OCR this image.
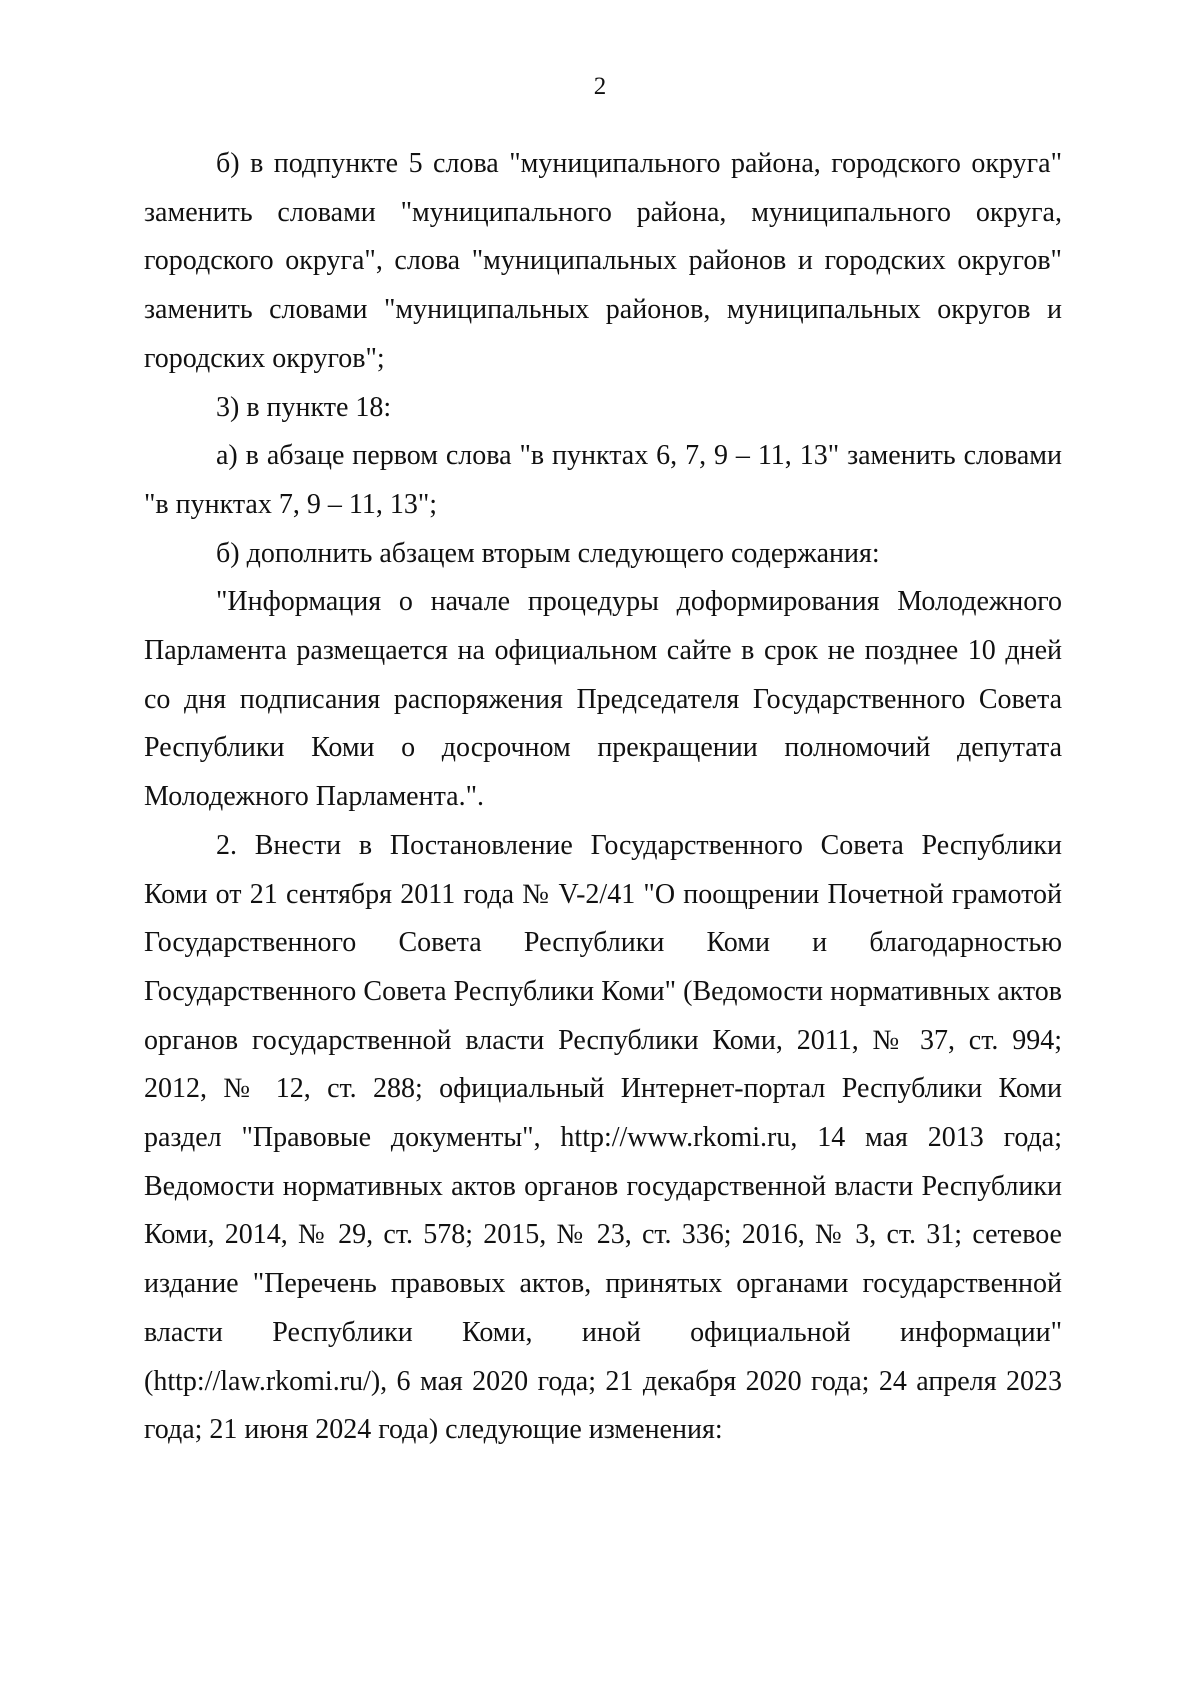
2

б) в подпункте 5 слова "муниципального района, городского округа" заменить словами "муниципального района, муниципального округа, городского округа", слова "муниципальных районов и городских округов" заменить словами "муниципальных районов, муниципальных округов и городских округов";

3) в пункте 18:

а) в абзаце первом слова "в пунктах 6, 7, 9 – 11, 13" заменить словами "в пунктах 7, 9 – 11, 13";

б) дополнить абзацем вторым следующего содержания:

"Информация о начале процедуры доформирования Молодежного Парламента размещается на официальном сайте в срок не позднее 10 дней со дня подписания распоряжения Председателя Государственного Совета Республики Коми о досрочном прекращении полномочий депутата Молодежного Парламента.".

2. Внести в Постановление Государственного Совета Республики Коми от 21 сентября 2011 года № V-2/41 "О поощрении Почетной грамотой Государственного Совета Республики Коми и благодарностью Государственного Совета Республики Коми" (Ведомости нормативных актов органов государственной власти Республики Коми, 2011, № 37, ст. 994; 2012, № 12, ст. 288; официальный Интернет-портал Республики Коми раздел "Правовые документы", http://www.rkomi.ru, 14 мая 2013 года; Ведомости нормативных актов органов государственной власти Республики Коми, 2014, № 29, ст. 578; 2015, № 23, ст. 336; 2016, № 3, ст. 31; сетевое издание "Перечень правовых актов, принятых органами государственной власти Республики Коми, иной официальной информации" (http://law.rkomi.ru/), 6 мая 2020 года; 21 декабря 2020 года; 24 апреля 2023 года; 21 июня 2024 года) следующие изменения:
